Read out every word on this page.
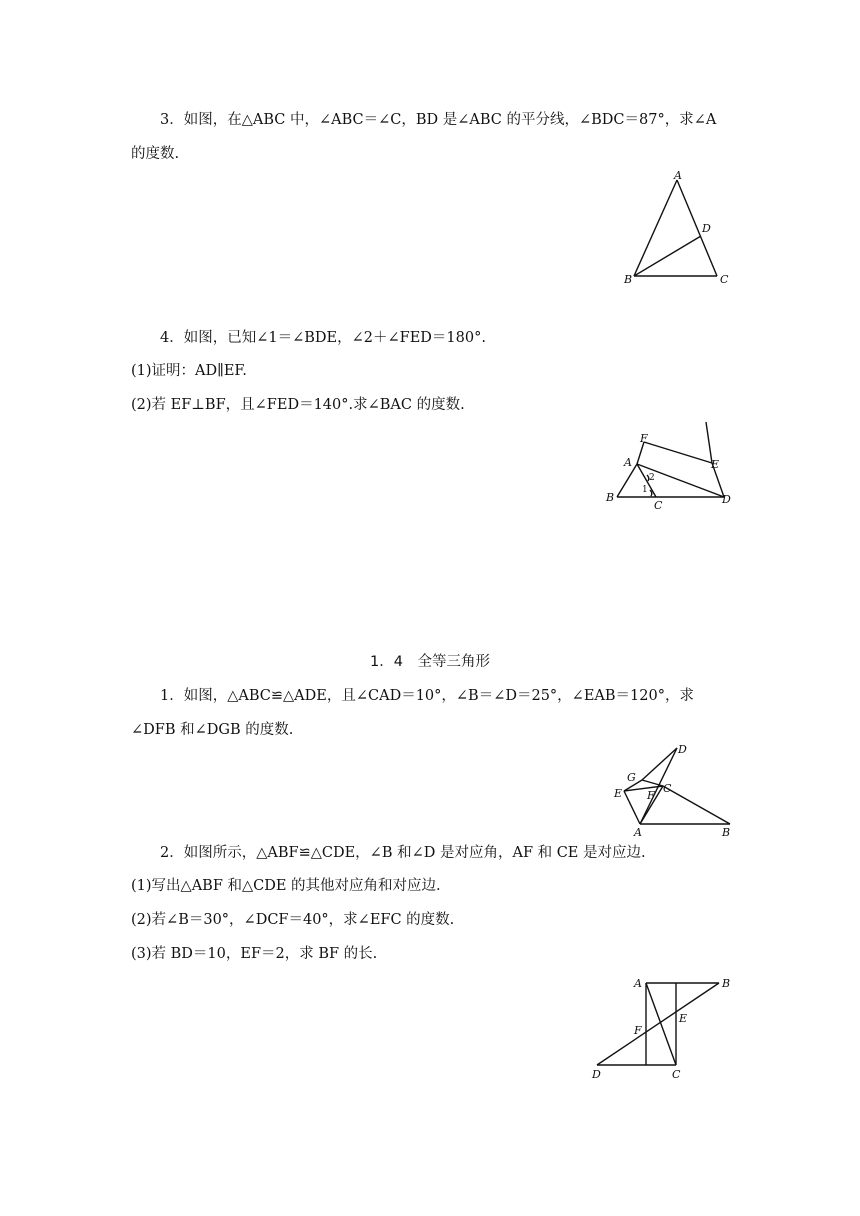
3．如图，在△ABC 中，∠ABC＝∠C，BD 是∠ABC 的平分线，∠BDC＝87°，求∠A
的度数.
A
B	C
D
4．如图，已知∠1＝∠BDE，∠2＋∠FED＝180°.
(1)证明：AD∥EF.
(2)若 EF⊥BF，且∠FED＝140°.求∠BAC 的度数.
F
E
A
B
C	D
1
2
1．4　全等三角形
1．如图，△ABC≌△ADE，且∠CAD＝10°，∠B＝∠D＝25°，∠EAB＝120°，求
∠DFB 和∠DGB 的度数.
D
G
E F
C
A	B
2．如图所示，△ABF≌△CDE，∠B 和∠D 是对应角，AF 和 CE 是对应边.
(1)写出△ABF 和△CDE 的其他对应角和对应边.
(2)若∠B＝30°，∠DCF＝40°，求∠EFC 的度数.
(3)若 BD＝10，EF＝2，求 BF 的长.
A	B
E
F
D	C
